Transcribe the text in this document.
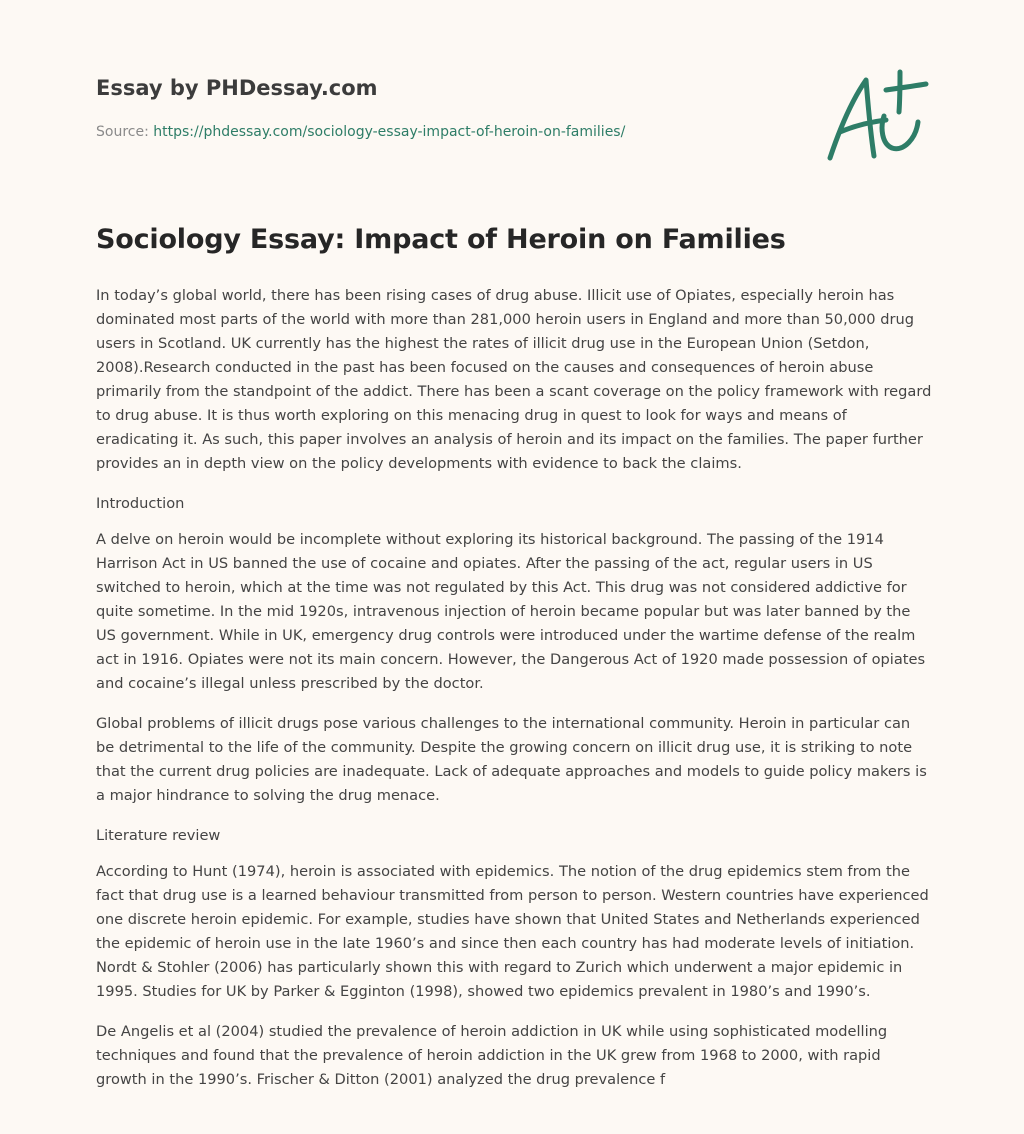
Essay by PHDessay.com

Source: https://phdessay.com/sociology-essay-impact-of-heroin-on-families/

Sociology Essay: Impact of Heroin on Families

In today’s global world, there has been rising cases of drug abuse. Illicit use of Opiates, especially heroin has dominated most parts of the world with more than 281,000 heroin users in England and more than 50,000 drug users in Scotland. UK currently has the highest the rates of illicit drug use in the European Union (Setdon, 2008).Research conducted in the past has been focused on the causes and consequences of heroin abuse primarily from the standpoint of the addict. There has been a scant coverage on the policy framework with regard to drug abuse. It is thus worth exploring on this menacing drug in quest to look for ways and means of eradicating it. As such, this paper involves an analysis of heroin and its impact on the families. The paper further provides an in depth view on the policy developments with evidence to back the claims.

Introduction

A delve on heroin would be incomplete without exploring its historical background. The passing of the 1914 Harrison Act in US banned the use of cocaine and opiates. After the passing of the act, regular users in US switched to heroin, which at the time was not regulated by this Act. This drug was not considered addictive for quite sometime. In the mid 1920s, intravenous injection of heroin became popular but was later banned by the US government. While in UK, emergency drug controls were introduced under the wartime defense of the realm act in 1916. Opiates were not its main concern. However, the Dangerous Act of 1920 made possession of opiates and cocaine’s illegal unless prescribed by the doctor.

Global problems of illicit drugs pose various challenges to the international community. Heroin in particular can be detrimental to the life of the community. Despite the growing concern on illicit drug use, it is striking to note that the current drug policies are inadequate. Lack of adequate approaches and models to guide policy makers is a major hindrance to solving the drug menace.

Literature review

According to Hunt (1974), heroin is associated with epidemics. The notion of the drug epidemics stem from the fact that drug use is a learned behaviour transmitted from person to person. Western countries have experienced one discrete heroin epidemic. For example, studies have shown that United States and Netherlands experienced the epidemic of heroin use in the late 1960’s and since then each country has had moderate levels of initiation. Nordt & Stohler (2006) has particularly shown this with regard to Zurich which underwent a major epidemic in 1995. Studies for UK by Parker & Egginton (1998), showed two epidemics prevalent in 1980’s and 1990’s.

De Angelis et al (2004) studied the prevalence of heroin addiction in UK while using sophisticated modelling techniques and found that the prevalence of heroin addiction in the UK grew from 1968 to 2000, with rapid growth in the 1990’s. Frischer & Ditton (2001) analyzed the drug prevalence f
